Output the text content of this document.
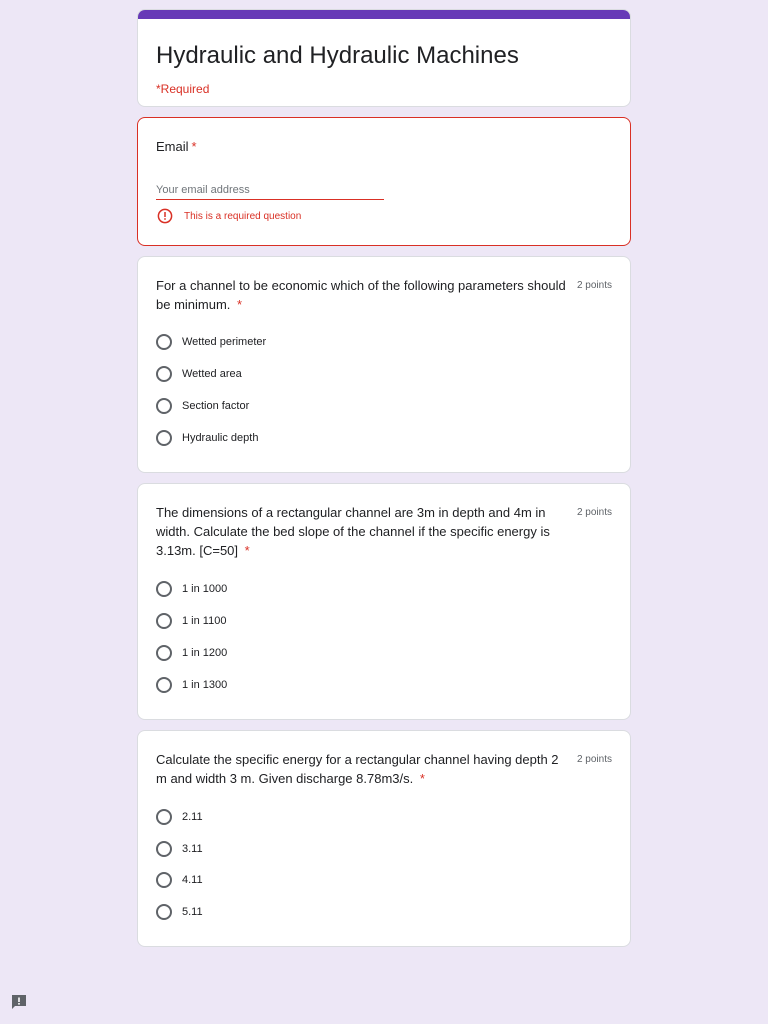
Hydraulic and Hydraulic Machines
*Required
Email *
Your email address
This is a required question
For a channel to be economic which of the following parameters should be minimum. *
2 points
Wetted perimeter
Wetted area
Section factor
Hydraulic depth
The dimensions of a rectangular channel are 3m in depth and 4m in width. Calculate the bed slope of the channel if the specific energy is 3.13m. [C=50] *
2 points
1 in 1000
1 in 1100
1 in 1200
1 in 1300
Calculate the specific energy for a rectangular channel having depth 2 m and width 3 m. Given discharge 8.78m3/s. *
2 points
2.11
3.11
4.11
5.11
